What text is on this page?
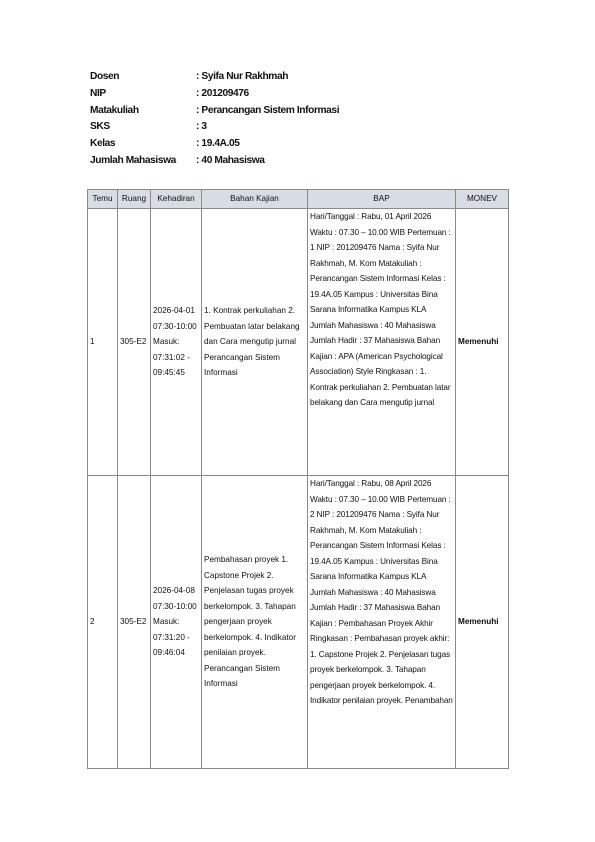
Dosen	: Syifa Nur Rakhmah
NIP	: 201209476
Matakuliah	: Perancangan Sistem Informasi
SKS	: 3
Kelas	: 19.4A.05
Jumlah Mahasiswa	: 40 Mahasiswa
Temu	Ruang	Kehadiran	Bahan Kajian	BAP	MONEV
1	305-E2	2026-04-01 07:30-10:00 Masuk: 07:31:02 - 09:45:45	1. Kontrak perkuliahan 2. Pembuatan latar belakang dan Cara mengutip jurnal Perancangan Sistem Informasi	Hari/Tanggal : Rabu, 01 April 2026 Waktu : 07.30 – 10.00 WIB Pertemuan : 1 NIP : 201209476 Nama : Syifa Nur Rakhmah, M. Kom Matakuliah : Perancangan Sistem Informasi Kelas : 19.4A.05 Kampus : Universitas Bina Sarana Informatika Kampus KLA Jumlah Mahasiswa : 40 Mahasiswa Jumlah Hadir : 37 Mahasiswa Bahan Kajian : APA (American Psychological Association) Style Ringkasan : 1. Kontrak perkuliahan 2. Pembuatan latar belakang dan Cara mengutip jurnal	Memenuhi
2	305-E2	2026-04-08 07:30-10:00 Masuk: 07:31:20 - 09:46:04	Pembahasan proyek 1. Capstone Projek 2. Penjelasan tugas proyek berkelompok. 3. Tahapan pengerjaan proyek berkelompok. 4. Indikator penilaian proyek. Perancangan Sistem Informasi	Hari/Tanggal : Rabu, 08 April 2026 Waktu : 07.30 – 10.00 WIB Pertemuan : 2 NIP : 201209476 Nama : Syifa Nur Rakhmah, M. Kom Matakuliah : Perancangan Sistem Informasi Kelas : 19.4A.05 Kampus : Universitas Bina Sarana Informatika Kampus KLA Jumlah Mahasiswa : 40 Mahasiswa Jumlah Hadir : 37 Mahasiswa Bahan Kajian : Pembahasan Proyek Akhir Ringkasan : Pembahasan proyek akhir: 1. Capstone Projek 2. Penjelasan tugas proyek berkelompok. 3. Tahapan pengerjaan proyek berkelompok. 4. Indikator penilaian proyek. Penambahan	Memenuhi
